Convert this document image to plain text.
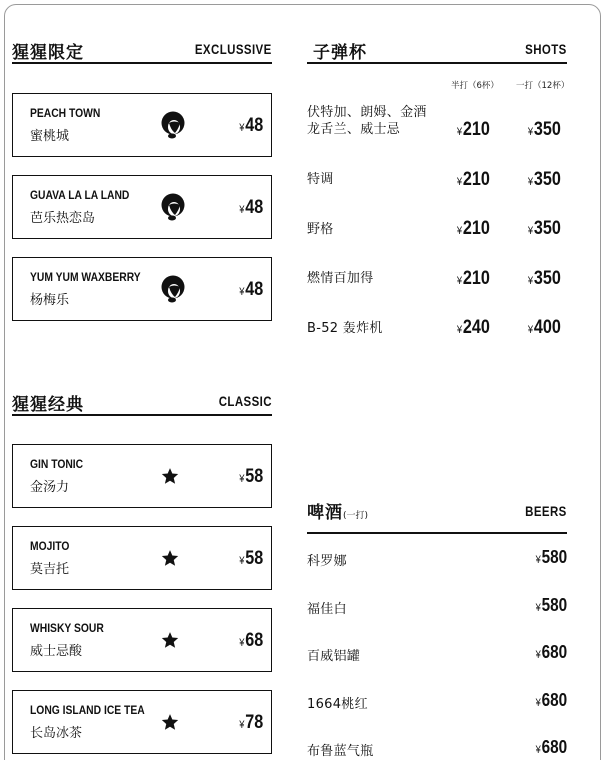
猩猩限定	EXCLUSSIVE
PEACH TOWN
蜜桃城
¥48
GUAVA LA LA LAND
芭乐热恋岛
¥48
YUM YUM WAXBERRY
杨梅乐
¥48
猩猩经典	CLASSIC
GIN TONIC
金汤力
¥58
MOJITO
莫吉托
¥58
WHISKY SOUR
威士忌酸
¥68
LONG ISLAND ICE TEA
长岛冰茶
¥78
子弹杯	SHOTS
半打（6杯） 一打（12杯）
伏特加、朗姆、金酒
龙舌兰、威士忌	¥210	¥350
特调	¥210	¥350
野格	¥210	¥350
燃情百加得	¥210	¥350
B-52 轰炸机	¥240	¥400
啤酒(一打)	BEERS
科罗娜	¥580
福佳白	¥580
百威铝罐	¥680
1664桃红	¥680
布鲁蓝气瓶	¥680
